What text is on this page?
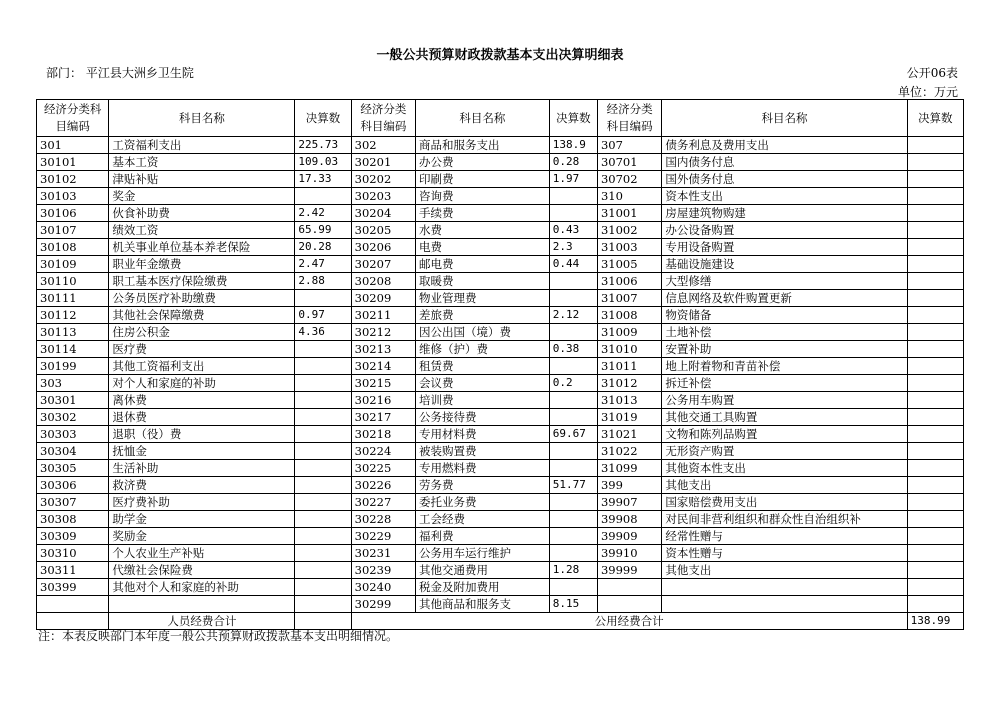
一般公共预算财政拨款基本支出决算明细表
部门： 平江县大洲乡卫生院	公开06表
单位：万元
经济分类科目编码	科目名称	决算数	经济分类科目编码	科目名称	决算数	经济分类科目编码	科目名称	决算数
301	工资福利支出	225.73	302	商品和服务支出	138.9	307	债务利息及费用支出	
30101	基本工资	109.03	30201	办公费	0.28	30701	国内债务付息	
30102	津贴补贴	17.33	30202	印刷费	1.97	30702	国外债务付息	
30103	奖金		30203	咨询费		310	资本性支出	
30106	伙食补助费	2.42	30204	手续费		31001	房屋建筑物购建	
30107	绩效工资	65.99	30205	水费	0.43	31002	办公设备购置	
30108	机关事业单位基本养老保险	20.28	30206	电费	2.3	31003	专用设备购置	
30109	职业年金缴费	2.47	30207	邮电费	0.44	31005	基础设施建设	
30110	职工基本医疗保险缴费	2.88	30208	取暖费		31006	大型修缮	
30111	公务员医疗补助缴费		30209	物业管理费		31007	信息网络及软件购置更新	
30112	其他社会保障缴费	0.97	30211	差旅费	2.12	31008	物资储备	
30113	住房公积金	4.36	30212	因公出国（境）费		31009	土地补偿	
30114	医疗费		30213	维修（护）费	0.38	31010	安置补助	
30199	其他工资福利支出		30214	租赁费		31011	地上附着物和青苗补偿	
303	对个人和家庭的补助		30215	会议费	0.2	31012	拆迁补偿	
30301	离休费		30216	培训费		31013	公务用车购置	
30302	退休费		30217	公务接待费		31019	其他交通工具购置	
30303	退职（役）费		30218	专用材料费	69.67	31021	文物和陈列品购置	
30304	抚恤金		30224	被装购置费		31022	无形资产购置	
30305	生活补助		30225	专用燃料费		31099	其他资本性支出	
30306	救济费		30226	劳务费	51.77	399	其他支出	
30307	医疗费补助		30227	委托业务费		39907	国家赔偿费用支出	
30308	助学金		30228	工会经费		39908	对民间非营利组织和群众性自治组织补	
30309	奖励金		30229	福利费		39909	经常性赠与	
30310	个人农业生产补贴		30231	公务用车运行维护		39910	资本性赠与	
30311	代缴社会保险费		30239	其他交通费用	1.28	39999	其他支出	
30399	其他对个人和家庭的补助		30240	税金及附加费用				
			30299	其他商品和服务支	8.15			
	人员经费合计		公用经费合计					138.99
注：本表反映部门本年度一般公共预算财政拨款基本支出明细情况。
